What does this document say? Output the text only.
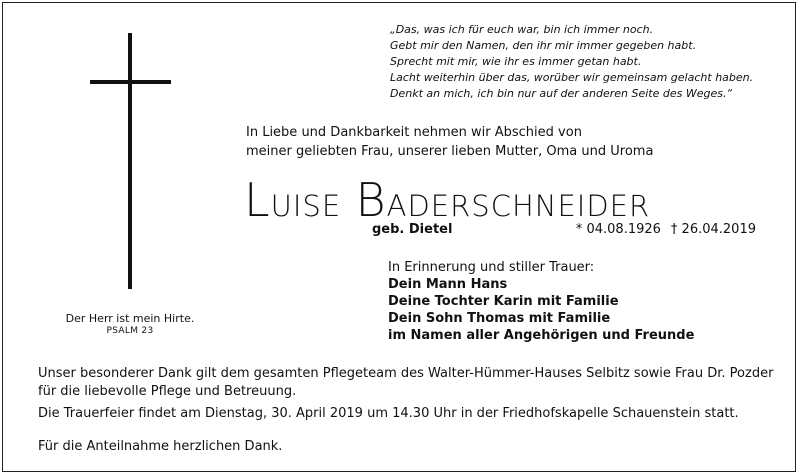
„Das, was ich für euch war, bin ich immer noch.
Gebt mir den Namen, den ihr mir immer gegeben habt.
Sprecht mit mir, wie ihr es immer getan habt.
Lacht weiterhin über das, worüber wir gemeinsam gelacht haben.
Denkt an mich, ich bin nur auf der anderen Seite des Weges.“
Der Herr ist mein Hirte.
PSALM 23
In Liebe und Dankbarkeit nehmen wir Abschied von
meiner geliebten Frau, unserer lieben Mutter, Oma und Uroma
Luise Baderschneider
geb. Dietel	* 04.08.1926 † 26.04.2019
In Erinnerung und stiller Trauer:
Dein Mann Hans
Deine Tochter Karin mit Familie
Dein Sohn Thomas mit Familie
im Namen aller Angehörigen und Freunde
Unser besonderer Dank gilt dem gesamten Pflegeteam des Walter-Hümmer-Hauses Selbitz sowie Frau Dr. Pozder
für die liebevolle Pflege und Betreuung.
Die Trauerfeier findet am Dienstag, 30. April 2019 um 14.30 Uhr in der Friedhofskapelle Schauenstein statt.
Für die Anteilnahme herzlichen Dank.
